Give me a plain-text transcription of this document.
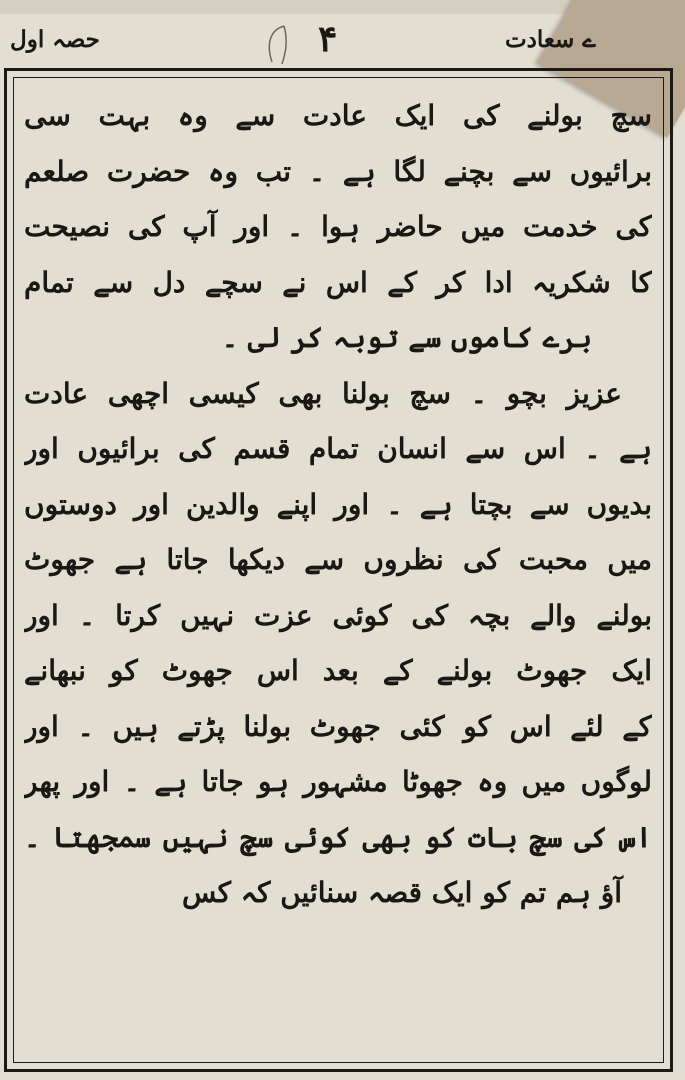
حصہ اول	۴	ے سعادت
سچ بولنے کی ایک عادت سے وہ بہت سی
برائیوں سے بچنے لگا ہے ۔ تب وہ حضرت صلعم
کی خدمت میں حاضر ہوا ۔ اور آپ کی نصیحت
کا شکریہ ادا کر کے اس نے سچے دل سے تمام
برے کاموں سے توبہ کر لی ۔
عزیز بچو ۔ سچ بولنا بھی کیسی اچھی عادت
ہے ۔ اس سے انسان تمام قسم کی برائیوں اور
بدیوں سے بچتا ہے ۔ اور اپنے والدین اور دوستوں
میں محبت کی نظروں سے دیکھا جاتا ہے جھوٹ
بولنے والے بچہ کی کوئی عزت نہیں کرتا ۔ اور
ایک جھوٹ بولنے کے بعد اس جھوٹ کو نبھانے
کے لئے اس کو کئی جھوٹ بولنا پڑتے ہیں ۔ اور
لوگوں میں وہ جھوٹا مشہور ہو جاتا ہے ۔ اور پھر
اس کی سچ بات کو بھی کوئی سچ نہیں سمجھتا ۔
آؤ ہم تم کو ایک قصہ سنائیں کہ کس
